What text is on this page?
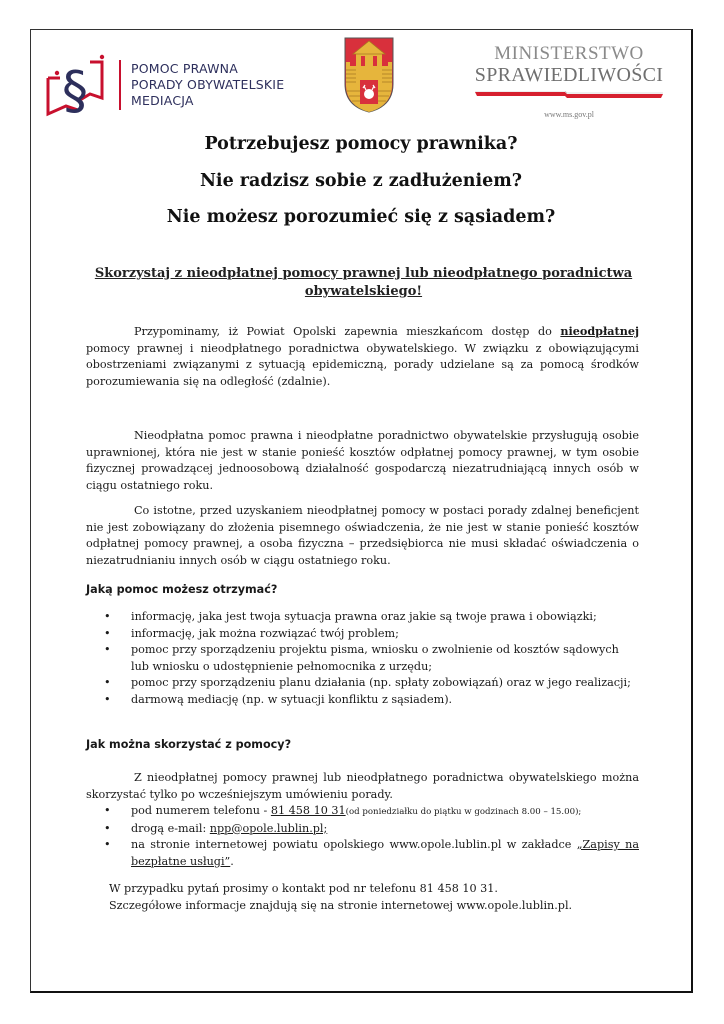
§	POMOC PRAWNA
PORADY OBYWATELSKIE
MEDIACJA
MINISTERSTWO
SPRAWIEDLIWOŚCI
www.ms.gov.pl
Potrzebujesz pomocy prawnika?
Nie radzisz sobie z zadłużeniem?
Nie możesz porozumieć się z sąsiadem?
Skorzystaj z nieodpłatnej pomocy prawnej lub nieodpłatnego poradnictwa obywatelskiego!
Przypominamy, iż Powiat Opolski zapewnia mieszkańcom dostęp do nieodpłatnej pomocy prawnej i nieodpłatnego poradnictwa obywatelskiego. W związku z obowiązującymi obostrzeniami związanymi z sytuacją epidemiczną, porady udzielane są za pomocą środków porozumiewania się na odległość (zdalnie).
Nieodpłatna pomoc prawna i nieodpłatne poradnictwo obywatelskie przysługują osobie uprawnionej, która nie jest w stanie ponieść kosztów odpłatnej pomocy prawnej, w tym osobie fizycznej prowadzącej jednoosobową działalność gospodarczą niezatrudniającą innych osób w ciągu ostatniego roku.
Co istotne, przed uzyskaniem nieodpłatnej pomocy w postaci porady zdalnej beneficjent nie jest zobowiązany do złożenia pisemnego oświadczenia, że nie jest w stanie ponieść kosztów odpłatnej pomocy prawnej, a osoba fizyczna – przedsiębiorca nie musi składać oświadczenia o niezatrudnianiu innych osób w ciągu ostatniego roku.
Jaką pomoc możesz otrzymać?
• informację, jaka jest twoja sytuacja prawna oraz jakie są twoje prawa i obowiązki;
• informację, jak można rozwiązać twój problem;
• pomoc przy sporządzeniu projektu pisma, wniosku o zwolnienie od kosztów sądowych lub wniosku o udostępnienie pełnomocnika z urzędu;
• pomoc przy sporządzeniu planu działania (np. spłaty zobowiązań) oraz w jego realizacji;
• darmową mediację (np. w sytuacji konfliktu z sąsiadem).
Jak można skorzystać z pomocy?
Z nieodpłatnej pomocy prawnej lub nieodpłatnego poradnictwa obywatelskiego można skorzystać tylko po wcześniejszym umówieniu porady.
• pod numerem telefonu - 81 458 10 31(od poniedziałku do piątku w godzinach 8.00 – 15.00);
• drogą e-mail: npp@opole.lublin.pl;
• na stronie internetowej powiatu opolskiego www.opole.lublin.pl w zakładce „Zapisy na bezpłatne usługi”.
W przypadku pytań prosimy o kontakt pod nr telefonu 81 458 10 31.
Szczegółowe informacje znajdują się na stronie internetowej www.opole.lublin.pl.
